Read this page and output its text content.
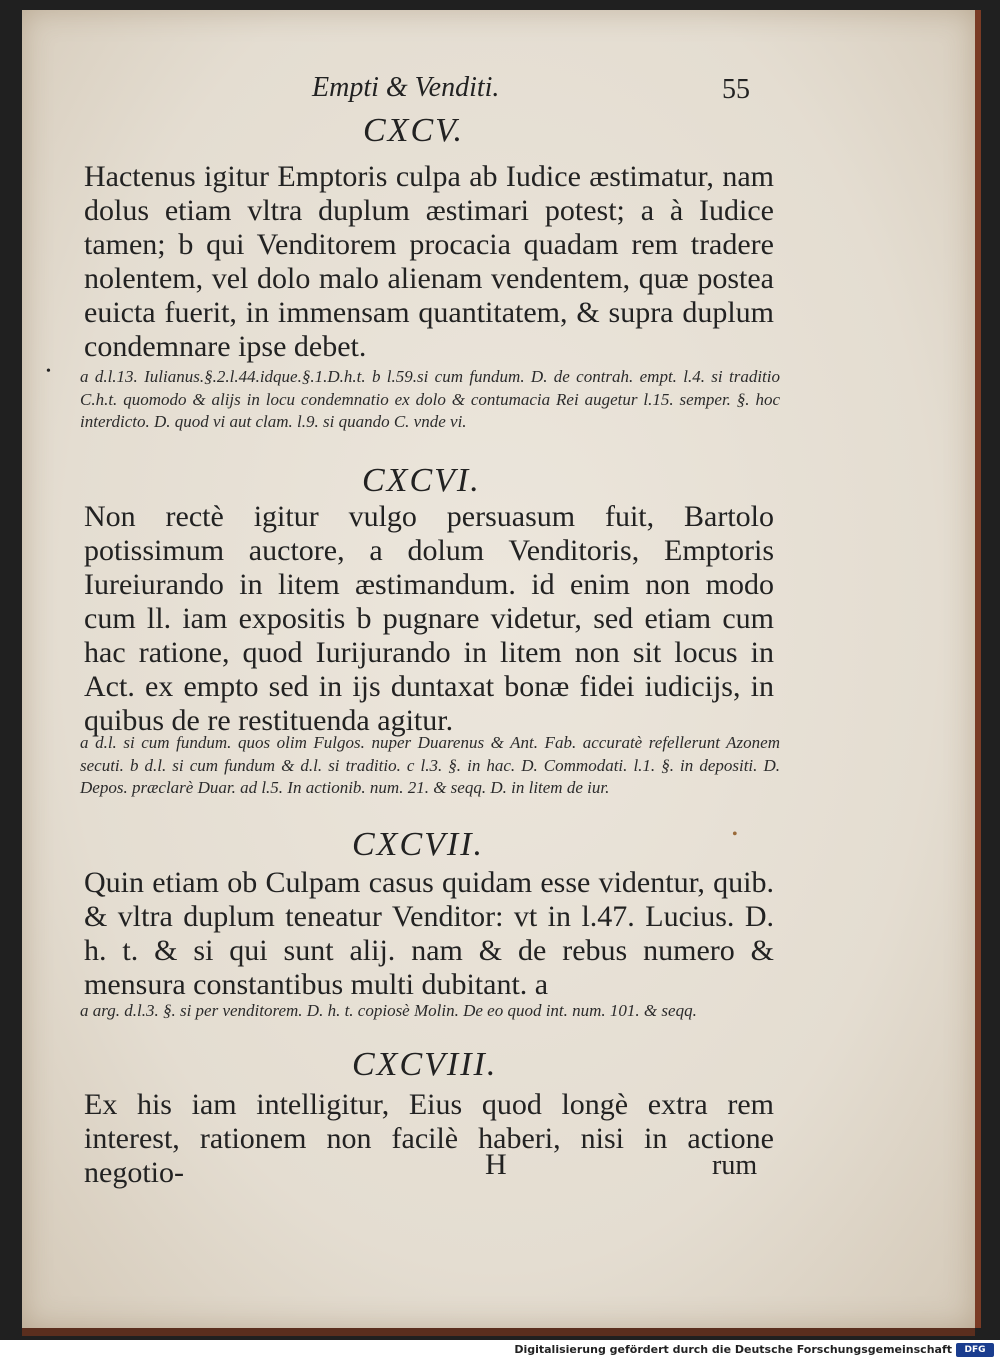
Empti & Venditi.	55
CXCV.
Hactenus igitur Emptoris culpa ab Iudice æstimatur, nam dolus etiam vltra duplum æstimari potest; a à Iudice tamen; b qui Venditorem procacia quadam rem tradere nolentem, vel dolo malo alienam vendentem, quæ postea euicta fuerit, in immensam quantitatem, & supra duplum condemnare ipse debet.
a d.l.13. Iulianus.§.2.l.44.idque.§.1.D.h.t. b l.59.si cum fundum. D. de contrah. empt. l.4. si traditio C.h.t. quomodo & alijs in locu condemnatio ex dolo & contumacia Rei augetur l.15. semper. §. hoc interdicto. D. quod vi aut clam. l.9. si quando C. vnde vi.
CXCVI.
Non rectè igitur vulgo persuasum fuit, Bartolo potissimum auctore, a dolum Venditoris, Emptoris Iureiurando in litem æstimandum. id enim non modo cum ll. iam expositis b pugnare videtur, sed etiam cum hac ratione, quod Iurijurando in litem non sit locus in Act. ex empto sed in ijs duntaxat bonæ fidei iudicijs, in quibus de re restituenda agitur.
a d.l. si cum fundum. quos olim Fulgos. nuper Duarenus & Ant. Fab. accuratè refellerunt Azonem secuti. b d.l. si cum fundum & d.l. si traditio. c l.3. §. in hac. D. Commodati. l.1. §. in depositi. D. Depos. præclarè Duar. ad l.5. In actionib. num. 21. & seqq. D. in litem de iur.
CXCVII.
Quin etiam ob Culpam casus quidam esse videntur, quib. & vltra duplum teneatur Venditor: vt in l.47. Lucius. D. h. t. & si qui sunt alij. nam & de rebus numero & mensura constantibus multi dubitant. a
a arg. d.l.3. §. si per venditorem. D. h. t. copiosè Molin. De eo quod int. num. 101. & seqq.
CXCVIII.
Ex his iam intelligitur, Eius quod longè extra rem interest, rationem non facilè haberi, nisi in actione negotio-	H	rum
•
•
Digitalisierung gefördert durch die Deutsche Forschungsgemeinschaft	DFG
